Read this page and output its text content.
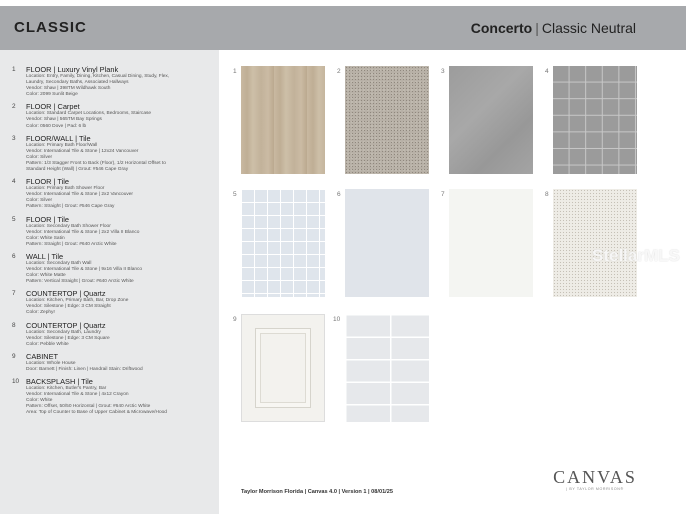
CLASSIC	Concerto | Classic Neutral
1	FLOOR | Luxury Vinyl Plank
Location: Entry, Family, Dining, Kitchen, Casual Dining, Study, Flex,
Laundry, Secondary Baths, Associated Hallways
Vendor: Shaw | 398TM Wildhawk South
Color: 2099 Sunlit Beige
2	FLOOR | Carpet
Location: Standard Carpet Locations, Bedrooms, Staircase
Vendor: Shaw | 565TM Bay Springs
Color: 0560 Dove | Pad: 6 lb
3	FLOOR/WALL | Tile
Location: Primary Bath Floor/Wall
Vendor: International Tile & Stone | 12x24 Vancouver
Color: Silver
Pattern: 1/3 Stagger Front to Back (Floor), 1/2 Horizontal Offset to
Standard Height (Wall) | Grout: #546 Cape Gray
4	FLOOR | Tile
Location: Primary Bath Shower Floor
Vendor: International Tile & Stone | 2x2 Vancouver
Color: Silver
Pattern: Straight | Grout: #546 Cape Gray
5	FLOOR | Tile
Location: Secondary Bath Shower Floor
Vendor: International Tile & Stone | 2x2 Villa II Blanco
Color: White Satin
Pattern: Straight | Grout: #640 Arctic White
6	WALL | Tile
Location: Secondary Bath Wall
Vendor: International Tile & Stone | 9x16 Villa II Blanco
Color: White Matte
Pattern: Vertical Straight | Grout: #640 Arctic White
7	COUNTERTOP | Quartz
Location: Kitchen, Primary Bath, Bar, Drop Zone
Vendor: Silestone | Edge: 3 CM Straight
Color: Zephyr
8	COUNTERTOP | Quartz
Location: Secondary Bath, Laundry
Vendor: Silestone | Edge: 3 CM Square
Color: Pebble White
9	CABINET
Location: Whole House
Door: Barnett | Finish: Linen | Handrail Stain: Driftwood
10 BACKSPLASH | Tile
Location: Kitchen, Butler's Pantry, Bar
Vendor: International Tile & Stone | 4x12 Crayon
Color: White
Pattern: Offset, 50/50 Horizontal | Grout: #640 Arctic White
Area: Top of Counter to Base of Upper Cabinet & Microwave/Hood
1	2	3	4
5	6	7	8
StellarMLS
9	10
Taylor Morrison Florida | Canvas 4.0 | Version 1 | 08/01/25
CANVAS
| BY TAYLOR MORRISON®
